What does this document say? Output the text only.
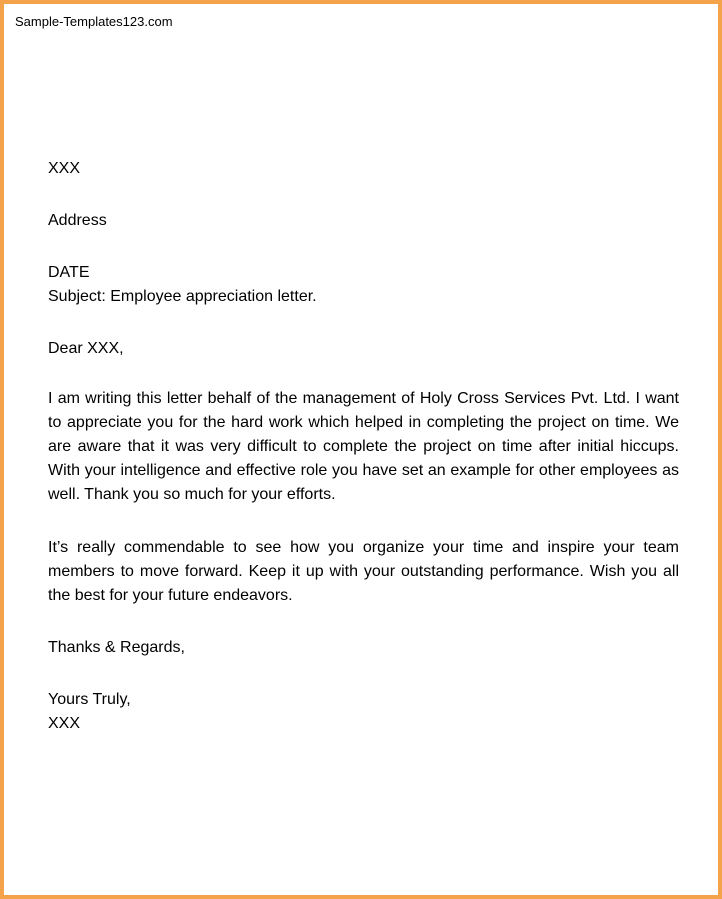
Sample-Templates123.com

XXX

Address

DATE

Subject: Employee appreciation letter.

Dear XXX,

I am writing this letter behalf of the management of Holy Cross Services Pvt. Ltd. I want to appreciate you for the hard work which helped in completing the project on time. We are aware that it was very difficult to complete the project on time after initial hiccups. With your intelligence and effective role you have set an example for other employees as well. Thank you so much for your efforts.

It’s really commendable to see how you organize your time and inspire your team members to move forward. Keep it up with your outstanding performance. Wish you all the best for your future endeavors.

Thanks & Regards,

Yours Truly,

XXX
